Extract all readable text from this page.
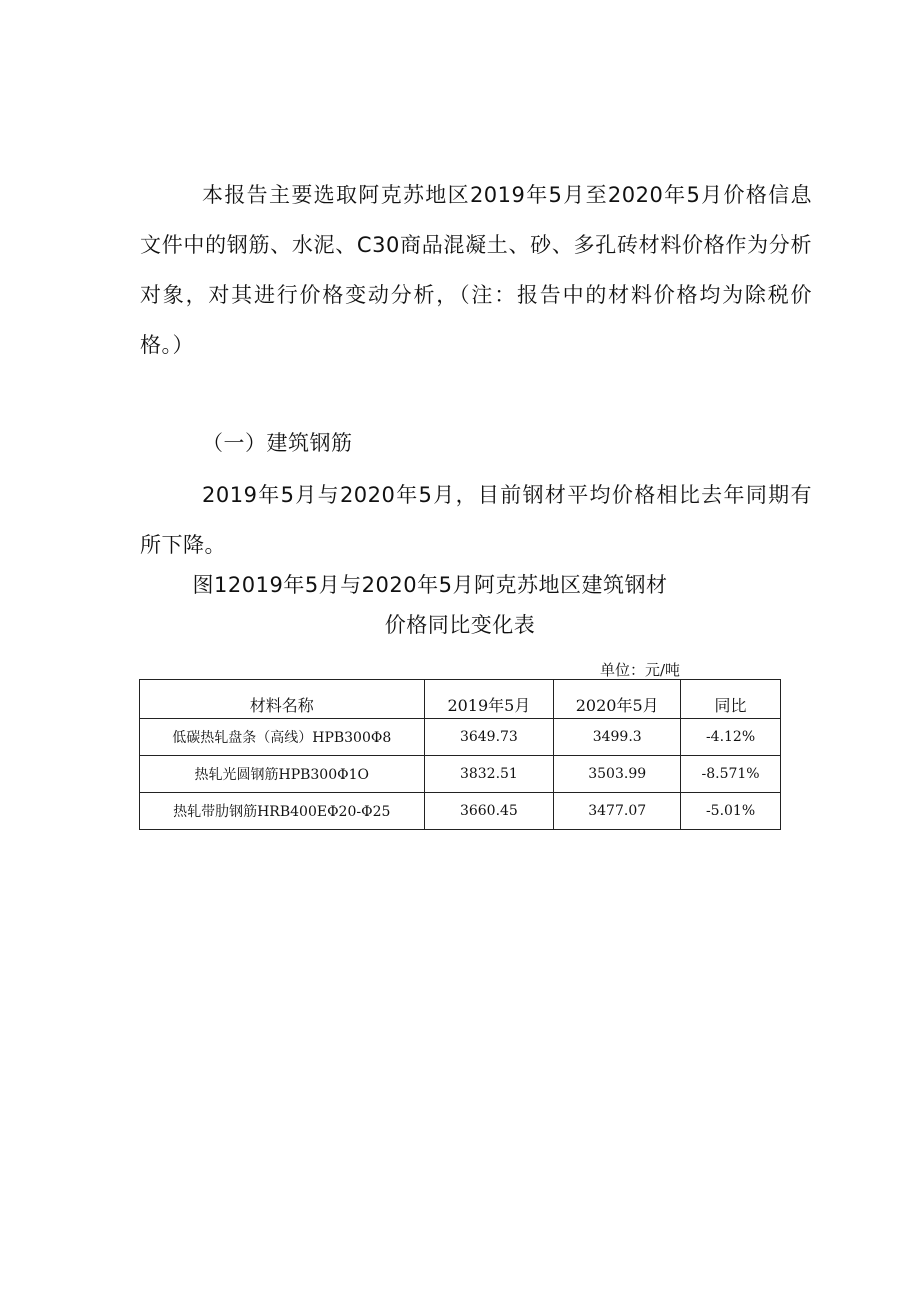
本报告主要选取阿克苏地区2019年5月至2020年5月价格信息文件中的钢筋、水泥、C30商品混凝土、砂、多孔砖材料价格作为分析对象，对其进行价格变动分析，（注：报告中的材料价格均为除税价格。）

（一）建筑钢筋

2019年5月与2020年5月，目前钢材平均价格相比去年同期有所下降。

图12019年5月与2020年5月阿克苏地区建筑钢材

价格同比变化表

单位：元/吨

材料名称	2019年5月	2020年5月	同比
低碳热轧盘条（高线）HPB300Φ8	3649.73	3499.3	-4.12%
热轧光圆钢筋HPB300Φ1O	3832.51	3503.99	-8.571%
热轧带肋钢筋HRB400EΦ20-Φ25	3660.45	3477.07	-5.01%
